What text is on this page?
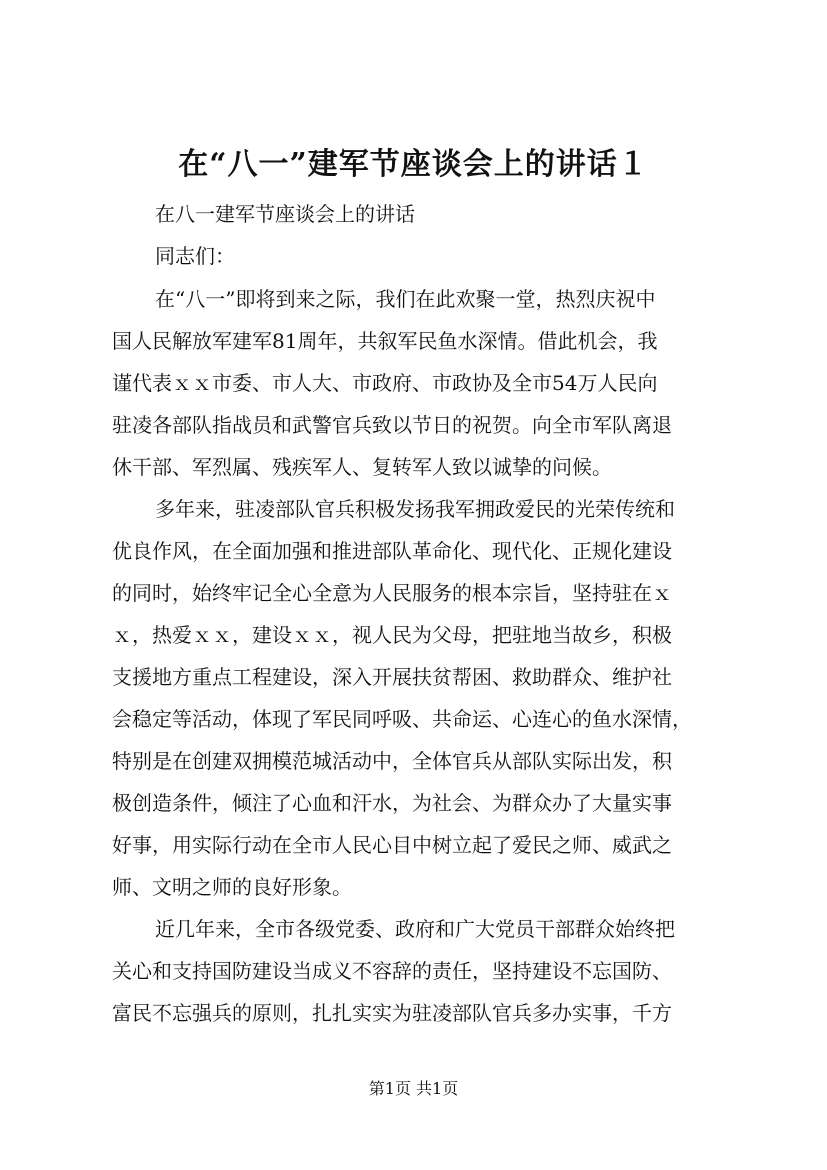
在“八一”建军节座谈会上的讲话１
在八一建军节座谈会上的讲话
同志们：
在“八一”即将到来之际，我们在此欢聚一堂，热烈庆祝中
国人民解放军建军81周年，共叙军民鱼水深情。借此机会，我
谨代表ｘｘ市委、市人大、市政府、市政协及全市54万人民向
驻凌各部队指战员和武警官兵致以节日的祝贺。向全市军队离退
休干部、军烈属、残疾军人、复转军人致以诚挚的问候。
多年来，驻凌部队官兵积极发扬我军拥政爱民的光荣传统和
优良作风，在全面加强和推进部队革命化、现代化、正规化建设
的同时，始终牢记全心全意为人民服务的根本宗旨，坚持驻在ｘ
ｘ，热爱ｘｘ，建设ｘｘ，视人民为父母，把驻地当故乡，积极
支援地方重点工程建设，深入开展扶贫帮困、救助群众、维护社
会稳定等活动，体现了军民同呼吸、共命运、心连心的鱼水深情，
特别是在创建双拥模范城活动中，全体官兵从部队实际出发，积
极创造条件，倾注了心血和汗水，为社会、为群众办了大量实事
好事，用实际行动在全市人民心目中树立起了爱民之师、威武之
师、文明之师的良好形象。
近几年来，全市各级党委、政府和广大党员干部群众始终把
关心和支持国防建设当成义不容辞的责任，坚持建设不忘国防、
富民不忘强兵的原则，扎扎实实为驻凌部队官兵多办实事，千方
第1页 共1页
